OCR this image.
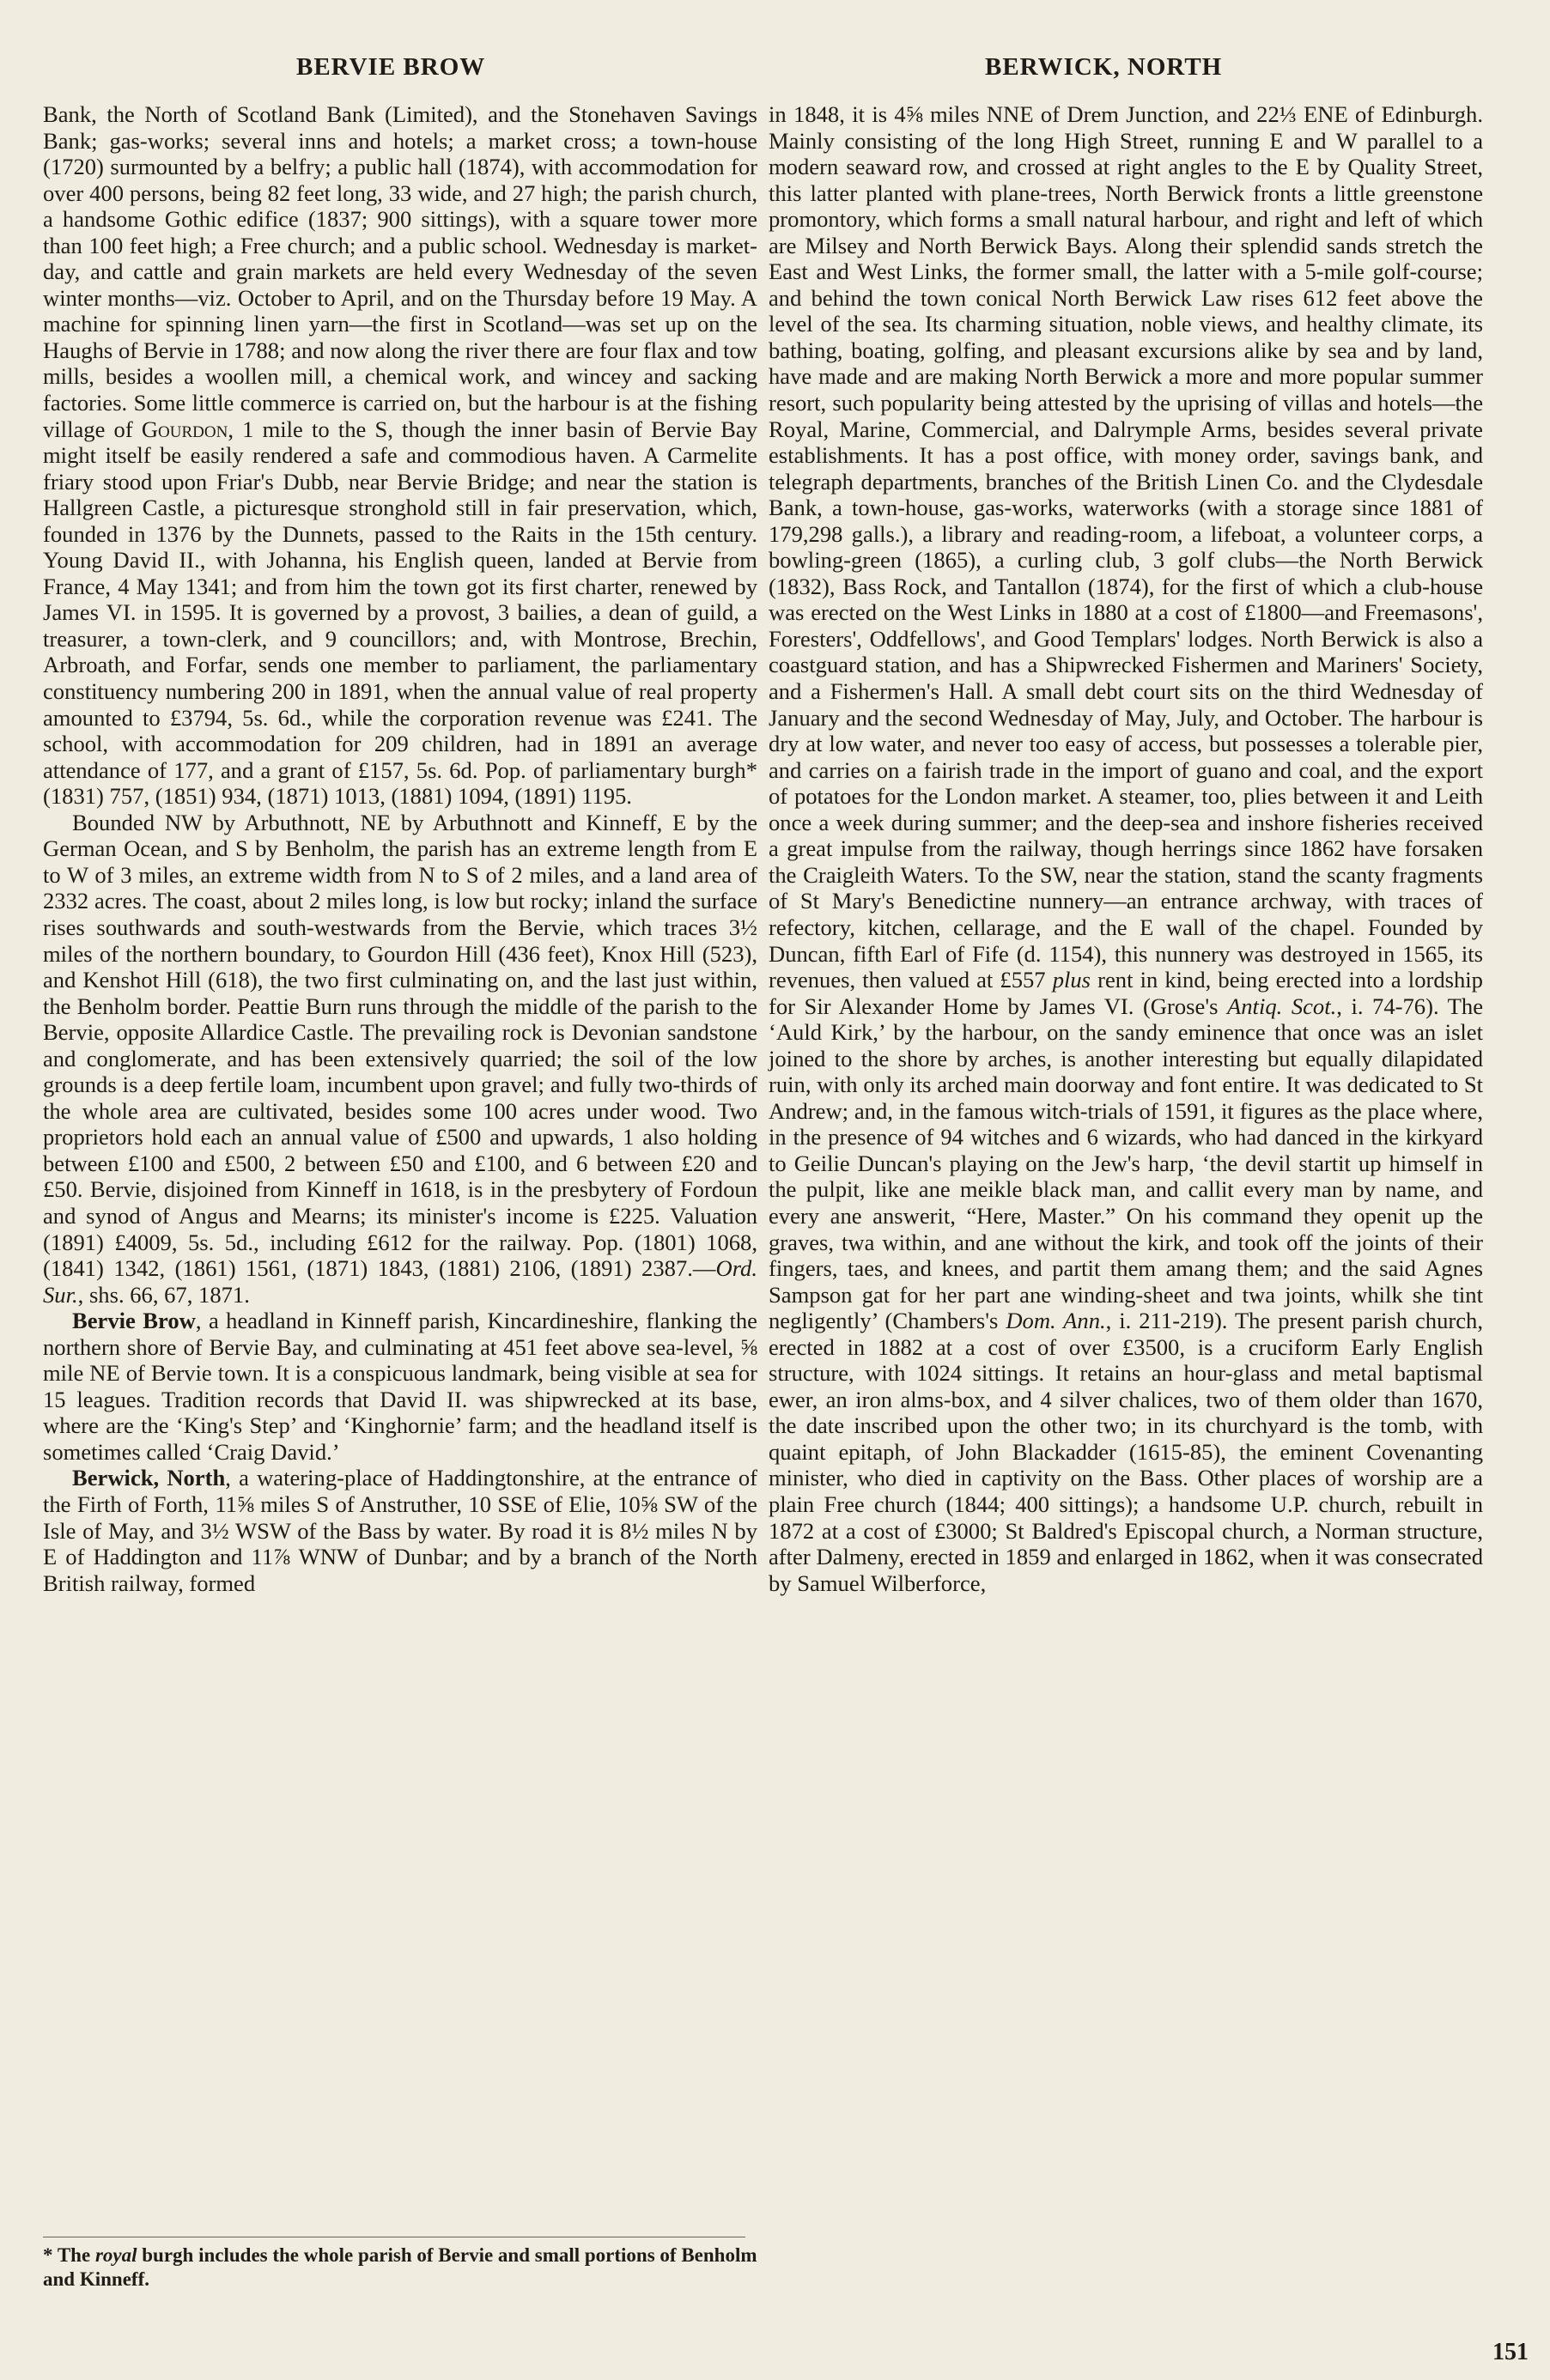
BERVIE BROW	BERWICK, NORTH

Bank, the North of Scotland Bank (Limited), and the Stonehaven Savings Bank; gas-works; several inns and hotels; a market cross; a town-house (1720) surmounted by a belfry; a public hall (1874), with accommodation for over 400 persons, being 82 feet long, 33 wide, and 27 high; the parish church, a handsome Gothic edifice (1837; 900 sittings), with a square tower more than 100 feet high; a Free church; and a public school. Wednesday is market-day, and cattle and grain markets are held every Wednesday of the seven winter months—viz. October to April, and on the Thursday before 19 May. A machine for spinning linen yarn—the first in Scotland—was set up on the Haughs of Bervie in 1788; and now along the river there are four flax and tow mills, besides a woollen mill, a chemical work, and wincey and sacking factories. Some little commerce is carried on, but the harbour is at the fishing village of Gourdon, 1 mile to the S, though the inner basin of Bervie Bay might itself be easily rendered a safe and commodious haven. A Carmelite friary stood upon Friar's Dubb, near Bervie Bridge; and near the station is Hallgreen Castle, a picturesque stronghold still in fair preservation, which, founded in 1376 by the Dunnets, passed to the Raits in the 15th century. Young David II., with Johanna, his English queen, landed at Bervie from France, 4 May 1341; and from him the town got its first charter, renewed by James VI. in 1595. It is governed by a provost, 3 bailies, a dean of guild, a treasurer, a town-clerk, and 9 councillors; and, with Montrose, Brechin, Arbroath, and Forfar, sends one member to parliament, the parliamentary constituency numbering 200 in 1891, when the annual value of real property amounted to £3794, 5s. 6d., while the corporation revenue was £241. The school, with accommodation for 209 children, had in 1891 an average attendance of 177, and a grant of £157, 5s. 6d. Pop. of parliamentary burgh* (1831) 757, (1851) 934, (1871) 1013, (1881) 1094, (1891) 1195.

Bounded NW by Arbuthnott, NE by Arbuthnott and Kinneff, E by the German Ocean, and S by Benholm, the parish has an extreme length from E to W of 3 miles, an extreme width from N to S of 2 miles, and a land area of 2332 acres. The coast, about 2 miles long, is low but rocky; inland the surface rises southwards and south-westwards from the Bervie, which traces 3½ miles of the northern boundary, to Gourdon Hill (436 feet), Knox Hill (523), and Kenshot Hill (618), the two first culminating on, and the last just within, the Benholm border. Peattie Burn runs through the middle of the parish to the Bervie, opposite Allardice Castle. The prevailing rock is Devonian sandstone and conglomerate, and has been extensively quarried; the soil of the low grounds is a deep fertile loam, incumbent upon gravel; and fully two-thirds of the whole area are cultivated, besides some 100 acres under wood. Two proprietors hold each an annual value of £500 and upwards, 1 also holding between £100 and £500, 2 between £50 and £100, and 6 between £20 and £50. Bervie, disjoined from Kinneff in 1618, is in the presbytery of Fordoun and synod of Angus and Mearns; its minister's income is £225. Valuation (1891) £4009, 5s. 5d., including £612 for the railway. Pop. (1801) 1068, (1841) 1342, (1861) 1561, (1871) 1843, (1881) 2106, (1891) 2387.—Ord. Sur., shs. 66, 67, 1871.

Bervie Brow, a headland in Kinneff parish, Kincardineshire, flanking the northern shore of Bervie Bay, and culminating at 451 feet above sea-level, ⅝ mile NE of Bervie town. It is a conspicuous landmark, being visible at sea for 15 leagues. Tradition records that David II. was shipwrecked at its base, where are the ‘King's Step’ and ‘Kinghornie’ farm; and the headland itself is sometimes called ‘Craig David.’

Berwick, North, a watering-place of Haddingtonshire, at the entrance of the Firth of Forth, 11⅝ miles S of Anstruther, 10 SSE of Elie, 10⅝ SW of the Isle of May, and 3½ WSW of the Bass by water. By road it is 8½ miles N by E of Haddington and 11⅞ WNW of Dunbar; and by a branch of the North British railway, formed

* The royal burgh includes the whole parish of Bervie and small portions of Benholm and Kinneff.

in 1848, it is 4⅝ miles NNE of Drem Junction, and 22⅓ ENE of Edinburgh. Mainly consisting of the long High Street, running E and W parallel to a modern seaward row, and crossed at right angles to the E by Quality Street, this latter planted with plane-trees, North Berwick fronts a little greenstone promontory, which forms a small natural harbour, and right and left of which are Milsey and North Berwick Bays. Along their splendid sands stretch the East and West Links, the former small, the latter with a 5-mile golf-course; and behind the town conical North Berwick Law rises 612 feet above the level of the sea. Its charming situation, noble views, and healthy climate, its bathing, boating, golfing, and pleasant excursions alike by sea and by land, have made and are making North Berwick a more and more popular summer resort, such popularity being attested by the uprising of villas and hotels—the Royal, Marine, Commercial, and Dalrymple Arms, besides several private establishments. It has a post office, with money order, savings bank, and telegraph departments, branches of the British Linen Co. and the Clydesdale Bank, a town-house, gas-works, waterworks (with a storage since 1881 of 179,298 galls.), a library and reading-room, a lifeboat, a volunteer corps, a bowling-green (1865), a curling club, 3 golf clubs—the North Berwick (1832), Bass Rock, and Tantallon (1874), for the first of which a club-house was erected on the West Links in 1880 at a cost of £1800—and Freemasons', Foresters', Oddfellows', and Good Templars' lodges. North Berwick is also a coastguard station, and has a Shipwrecked Fishermen and Mariners' Society, and a Fishermen's Hall. A small debt court sits on the third Wednesday of January and the second Wednesday of May, July, and October. The harbour is dry at low water, and never too easy of access, but possesses a tolerable pier, and carries on a fairish trade in the import of guano and coal, and the export of potatoes for the London market. A steamer, too, plies between it and Leith once a week during summer; and the deep-sea and inshore fisheries received a great impulse from the railway, though herrings since 1862 have forsaken the Craigleith Waters. To the SW, near the station, stand the scanty fragments of St Mary's Benedictine nunnery—an entrance archway, with traces of refectory, kitchen, cellarage, and the E wall of the chapel. Founded by Duncan, fifth Earl of Fife (d. 1154), this nunnery was destroyed in 1565, its revenues, then valued at £557 plus rent in kind, being erected into a lordship for Sir Alexander Home by James VI. (Grose's Antiq. Scot., i. 74-76). The ‘Auld Kirk,’ by the harbour, on the sandy eminence that once was an islet joined to the shore by arches, is another interesting but equally dilapidated ruin, with only its arched main doorway and font entire. It was dedicated to St Andrew; and, in the famous witch-trials of 1591, it figures as the place where, in the presence of 94 witches and 6 wizards, who had danced in the kirkyard to Geilie Duncan's playing on the Jew's harp, ‘the devil startit up himself in the pulpit, like ane meikle black man, and callit every man by name, and every ane answerit, “Here, Master.” On his command they openit up the graves, twa within, and ane without the kirk, and took off the joints of their fingers, taes, and knees, and partit them amang them; and the said Agnes Sampson gat for her part ane winding-sheet and twa joints, whilk she tint negligently’ (Chambers's Dom. Ann., i. 211-219). The present parish church, erected in 1882 at a cost of over £3500, is a cruciform Early English structure, with 1024 sittings. It retains an hour-glass and metal baptismal ewer, an iron alms-box, and 4 silver chalices, two of them older than 1670, the date inscribed upon the other two; in its churchyard is the tomb, with quaint epitaph, of John Blackadder (1615-85), the eminent Covenanting minister, who died in captivity on the Bass. Other places of worship are a plain Free church (1844; 400 sittings); a handsome U.P. church, rebuilt in 1872 at a cost of £3000; St Baldred's Episcopal church, a Norman structure, after Dalmeny, erected in 1859 and enlarged in 1862, when it was consecrated by Samuel Wilberforce,

151
